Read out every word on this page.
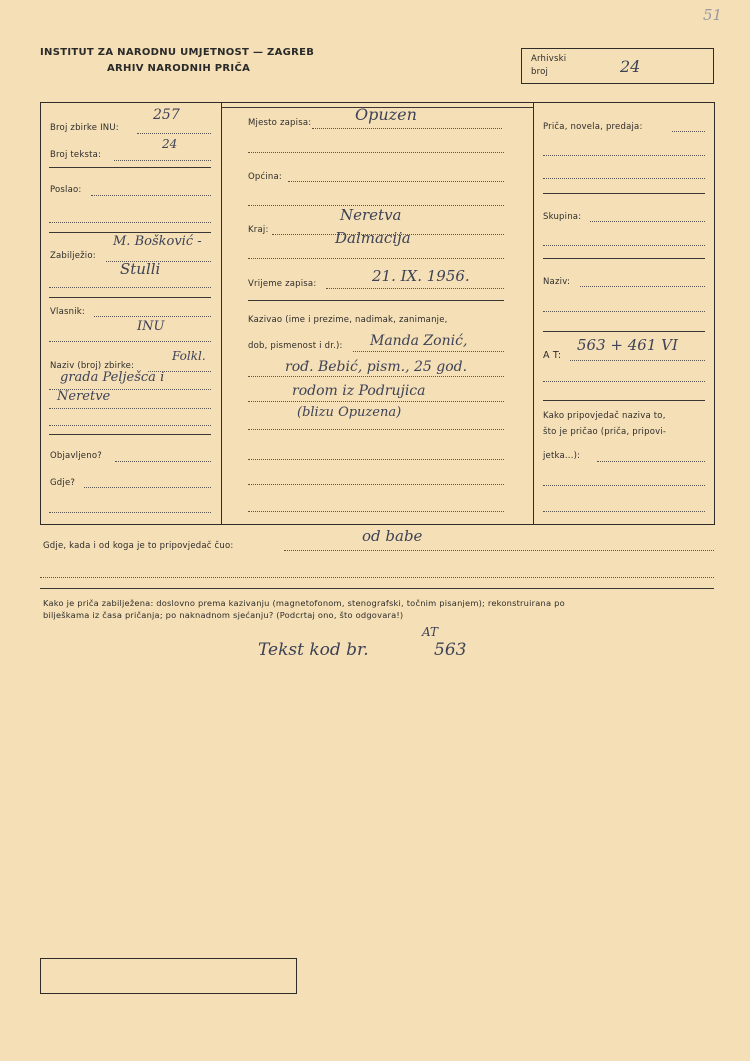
51
INSTITUT ZA NARODNU UMJETNOST — ZAGREB
ARHIV NARODNIH PRIČA
Arhivski
broj	24
Broj zbirke INU:
257
Broj teksta:
24
Poslao:
Zabilježio:
M. Bošković -
Stulli
Vlasnik:
INU
Naziv (broj) zbirke:
Folkl.
grada Pelješca i
Neretve
Objavljeno?
Gdje?
Mjesto zapisa:	Opuzen
Općina:
Neretva
Kraj:	Dalmacija
Vrijeme zapisa:	21. IX. 1956.
Kazivao (ime i prezime, nadimak, zanimanje,
dob, pismenost i dr.): Manda Zonić,
rođ. Bebić, pism., 25 god.
rodom iz Podrujica
(blizu Opuzena)
Priča, novela, predaja:
Skupina:
Naziv:
A T:
563 + 461 VI
Kako pripovjedač naziva to,
što je pričao (priča, pripovi-
jetka...):
Gdje, kada i od koga je to pripovjedač čuo:
od babe
Kako je priča zabilježena: doslovno prema kazivanju (magnetofonom, stenografski, točnim pisanjem); rekonstruirana po
bilješkama iz časa pričanja; po naknadnom sjećanju? (Podcrtaj ono, što odgovara!)
Tekst kod br.
AT
563
